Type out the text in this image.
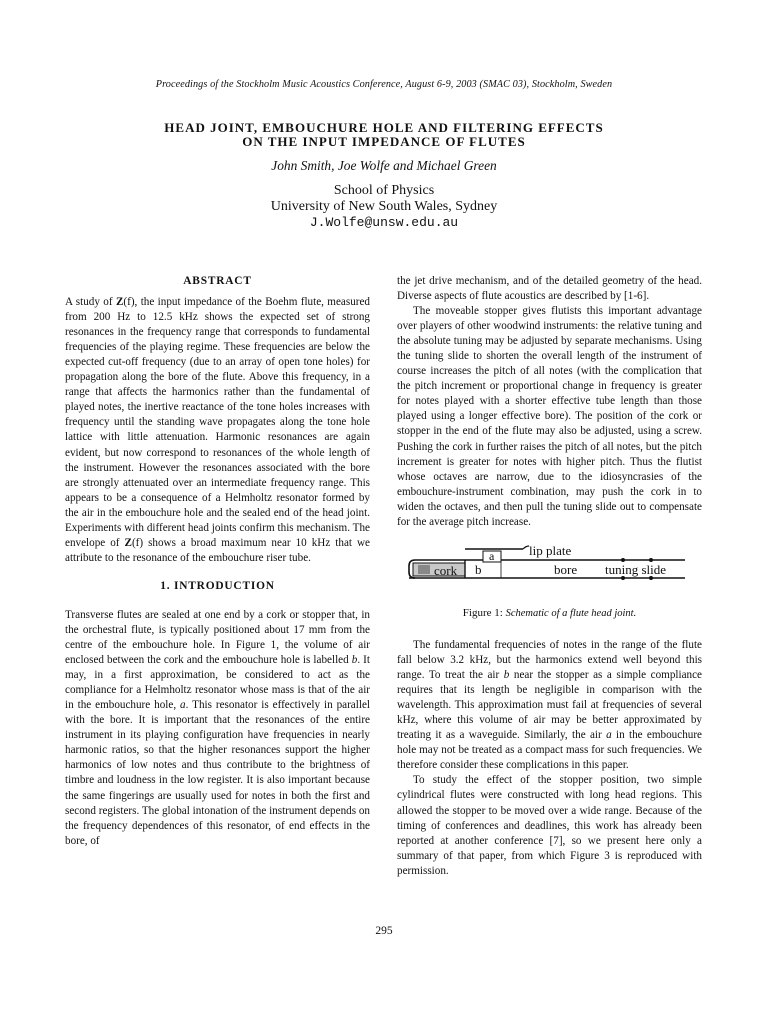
Proceedings of the Stockholm Music Acoustics Conference, August 6-9, 2003 (SMAC 03), Stockholm, Sweden
HEAD JOINT, EMBOUCHURE HOLE AND FILTERING EFFECTS
ON THE INPUT IMPEDANCE OF FLUTES
John Smith, Joe Wolfe and Michael Green
School of Physics
University of New South Wales, Sydney
J.Wolfe@unsw.edu.au
ABSTRACT

A study of Z(f), the input impedance of the Boehm flute, measured from 200 Hz to 12.5 kHz shows the expected set of strong resonances in the frequency range that corresponds to fundamental frequencies of the playing regime. These frequencies are below the expected cut-off frequency (due to an array of open tone holes) for propagation along the bore of the flute. Above this frequency, in a range that affects the harmonics rather than the fundamental of played notes, the inertive reactance of the tone holes increases with frequency until the standing wave propagates along the tone hole lattice with little attenuation. Harmonic resonances are again evident, but now correspond to resonances of the whole length of the instrument. However the resonances associated with the bore are strongly attenuated over an intermediate frequency range. This appears to be a consequence of a Helmholtz resonator formed by the air in the embouchure hole and the sealed end of the head joint. Experiments with different head joints confirm this mechanism. The envelope of Z(f) shows a broad maximum near 10 kHz that we attribute to the resonance of the embouchure riser tube.

1. INTRODUCTION

Transverse flutes are sealed at one end by a cork or stopper that, in the orchestral flute, is typically positioned about 17 mm from the centre of the embouchure hole. In Figure 1, the volume of air enclosed between the cork and the embouchure hole is labelled b. It may, in a first approximation, be considered to act as the compliance for a Helmholtz resonator whose mass is that of the air in the embouchure hole, a. This resonator is effectively in parallel with the bore. It is important that the resonances of the entire instrument in its playing configuration have frequencies in nearly harmonic ratios, so that the higher resonances support the higher harmonics of low notes and thus contribute to the brightness of timbre and loudness in the low register. It is also important because the same fingerings are usually used for notes in both the first and second registers. The global intonation of the instrument depends on the frequency dependences of this resonator, of end effects in the bore, of

the jet drive mechanism, and of the detailed geometry of the head. Diverse aspects of flute acoustics are described by [1-6].

The moveable stopper gives flutists this important advantage over players of other woodwind instruments: the relative tuning and the absolute tuning may be adjusted by separate mechanisms. Using the tuning slide to shorten the overall length of the instrument of course increases the pitch of all notes (with the complication that the pitch increment or proportional change in frequency is greater for notes played with a shorter effective tube length than those played using a longer effective bore). The position of the cork or stopper in the end of the flute may also be adjusted, using a screw. Pushing the cork in further raises the pitch of all notes, but the pitch increment is greater for notes with higher pitch. Thus the flutist whose octaves are narrow, due to the idiosyncrasies of the embouchure-instrument combination, may push the cork in to widen the octaves, and then pull the tuning slide out to compensate for the average pitch increase.

cork b
a	lip plate
bore tuning slide
Figure 1: Schematic of a flute head joint.

The fundamental frequencies of notes in the range of the flute fall below 3.2 kHz, but the harmonics extend well beyond this range. To treat the air b near the stopper as a simple compliance requires that its length be negligible in comparison with the wavelength. This approximation must fail at frequencies of several kHz, where this volume of air may be better approximated by treating it as a waveguide. Similarly, the air a in the embouchure hole may not be treated as a compact mass for such frequencies. We therefore consider these complications in this paper.

To study the effect of the stopper position, two simple cylindrical flutes were constructed with long head regions. This allowed the stopper to be moved over a wide range. Because of the timing of conferences and deadlines, this work has already been reported at another conference [7], so we present here only a summary of that paper, from which Figure 3 is reproduced with permission.

295
